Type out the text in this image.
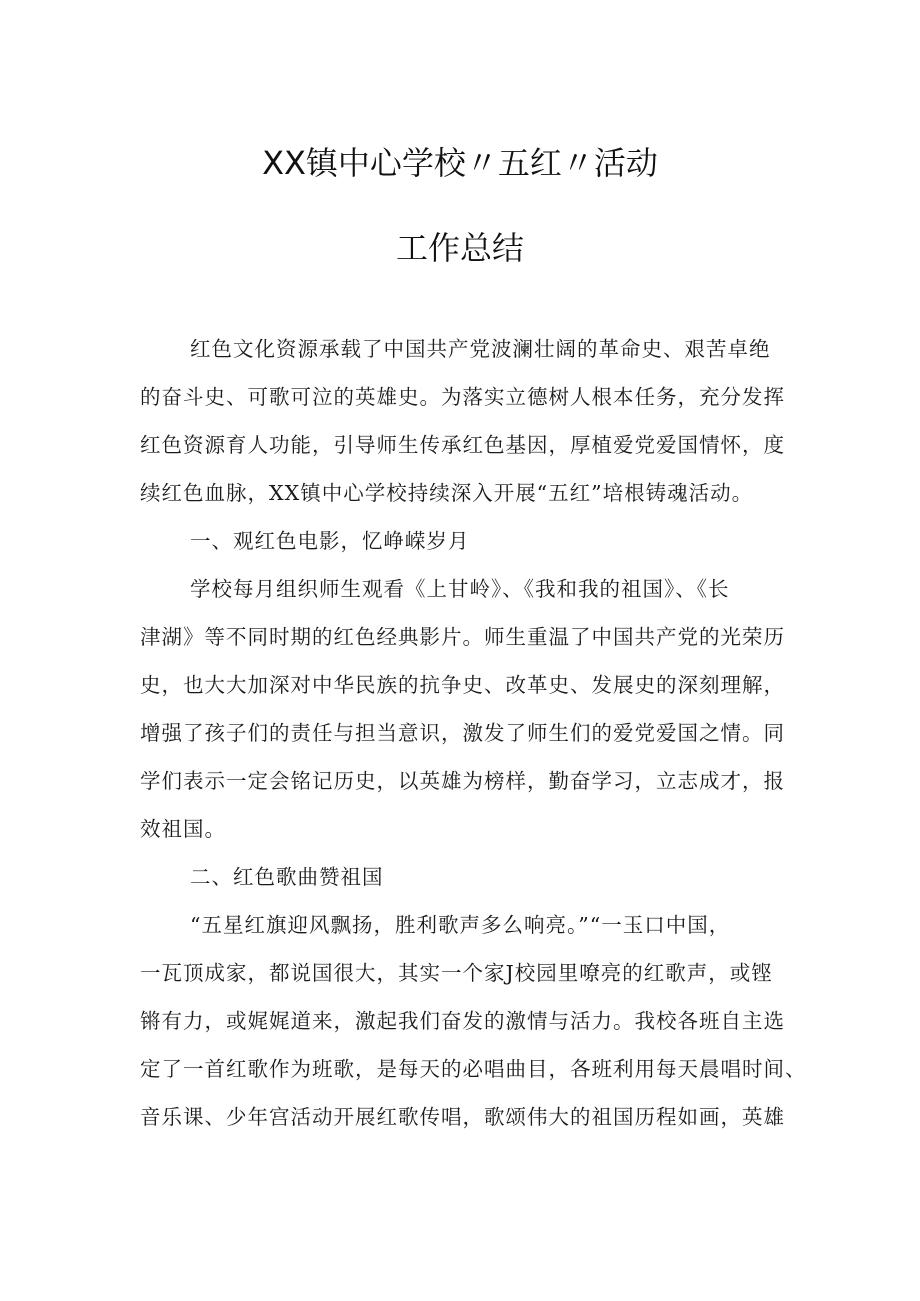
XX镇中心学校〃五红〃活动
工作总结
红色文化资源承载了中国共产党波澜壮阔的革命史、艰苦卓绝
的奋斗史、可歌可泣的英雄史。为落实立德树人根本任务，充分发挥
红色资源育人功能，引导师生传承红色基因，厚植爱党爱国情怀，度
续红色血脉，XX镇中心学校持续深入开展“五红”培根铸魂活动。
一、观红色电影，忆峥嵘岁月
学校每月组织师生观看《上甘岭》、《我和我的祖国》、《长
津湖》等不同时期的红色经典影片。师生重温了中国共产党的光荣历
史，也大大加深对中华民族的抗争史、改革史、发展史的深刻理解，
增强了孩子们的责任与担当意识，激发了师生们的爱党爱国之情。同
学们表示一定会铭记历史，以英雄为榜样，勤奋学习，立志成才，报
效祖国。
二、红色歌曲赞祖国
“五星红旗迎风飘扬，胜利歌声多么响亮。”“一玉口中国，
一瓦顶成家，都说国很大，其实一个家J校园里嘹亮的红歌声，或铿
锵有力，或娓娓道来，激起我们奋发的激情与活力。我校各班自主选
定了一首红歌作为班歌，是每天的必唱曲目，各班利用每天晨唱时间、
音乐课、少年宫活动开展红歌传唱，歌颂伟大的祖国历程如画，英雄
